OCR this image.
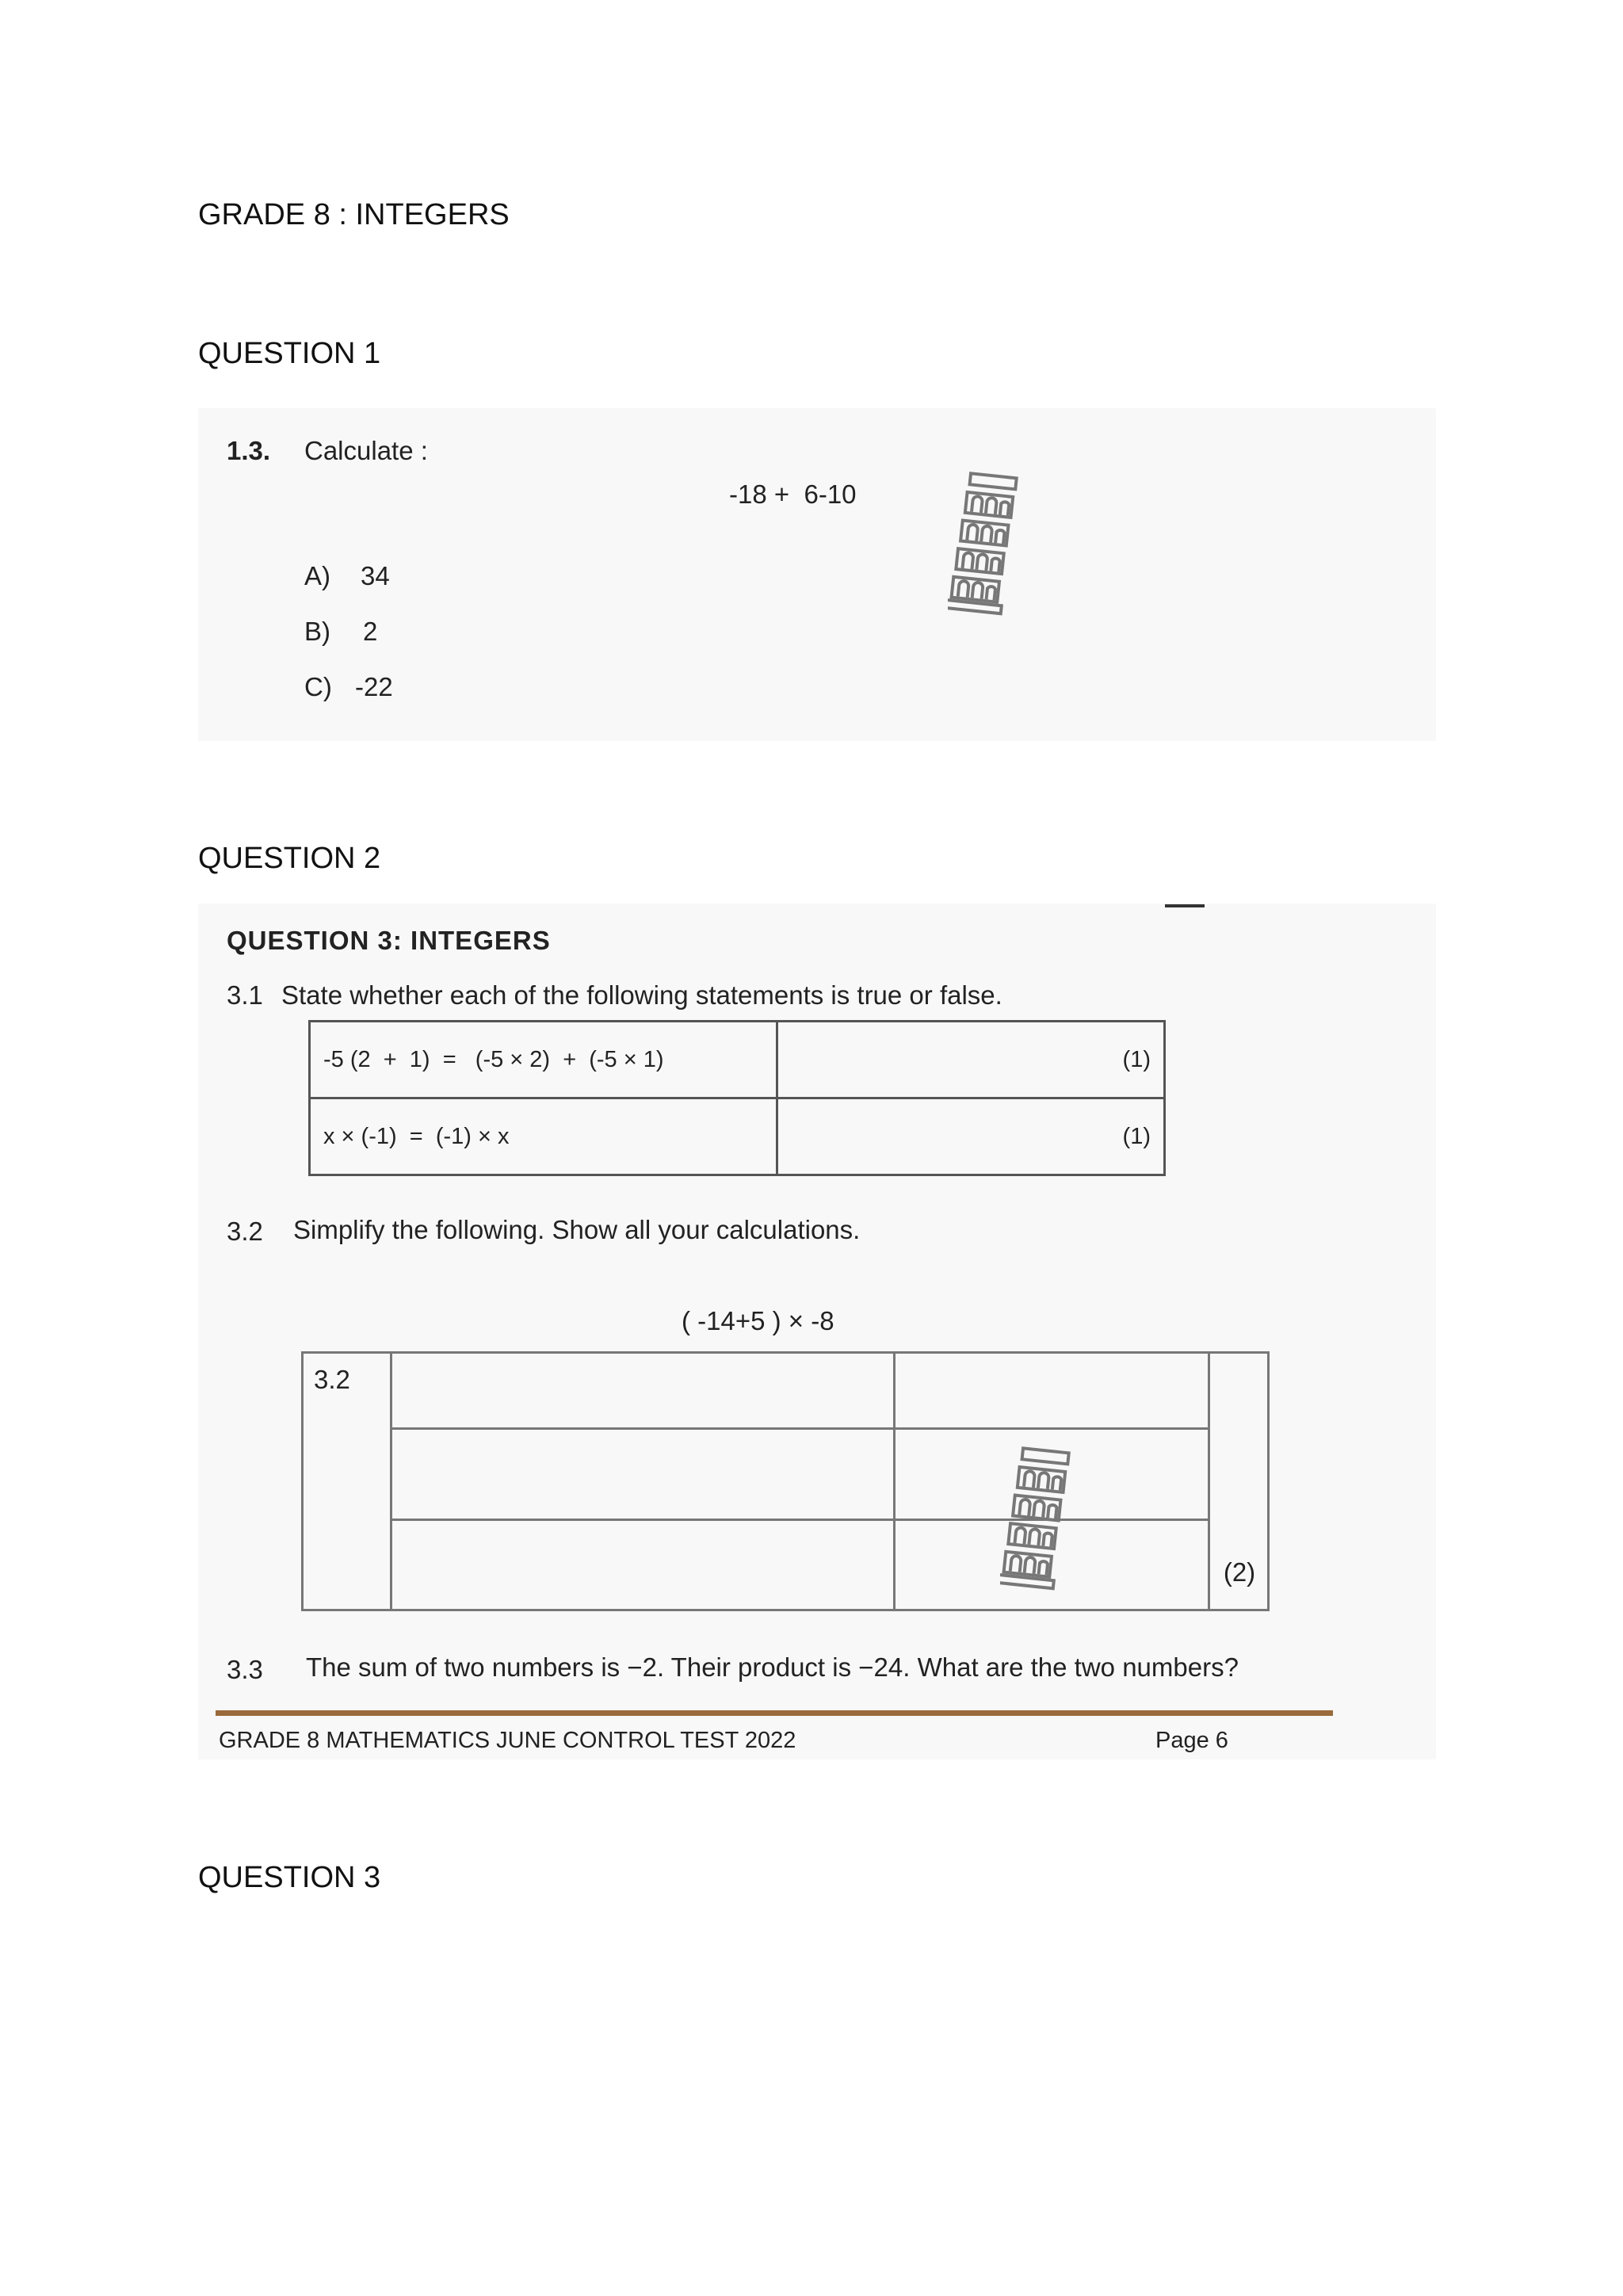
GRADE 8 : INTEGERS
QUESTION 1
QUESTION 2
QUESTION 3
1.3. Calculate :
-18 +  6-10
A) 34
B) 2
C) -22
QUESTION 3: INTEGERS
3.1 State whether each of the following statements is true or false.
-5 (2  +  1)  =   (-5 × 2)  +  (-5 × 1)	(1)

x × (-1)  =  (-1) × x	(1)
3.2 Simplify the following. Show all your calculations.
( -14+5 ) × -8
3.2
(2)
3.3 The sum of two numbers is −2. Their product is −24. What are the two numbers?
GRADE 8 MATHEMATICS JUNE CONTROL TEST 2022	Page 6
